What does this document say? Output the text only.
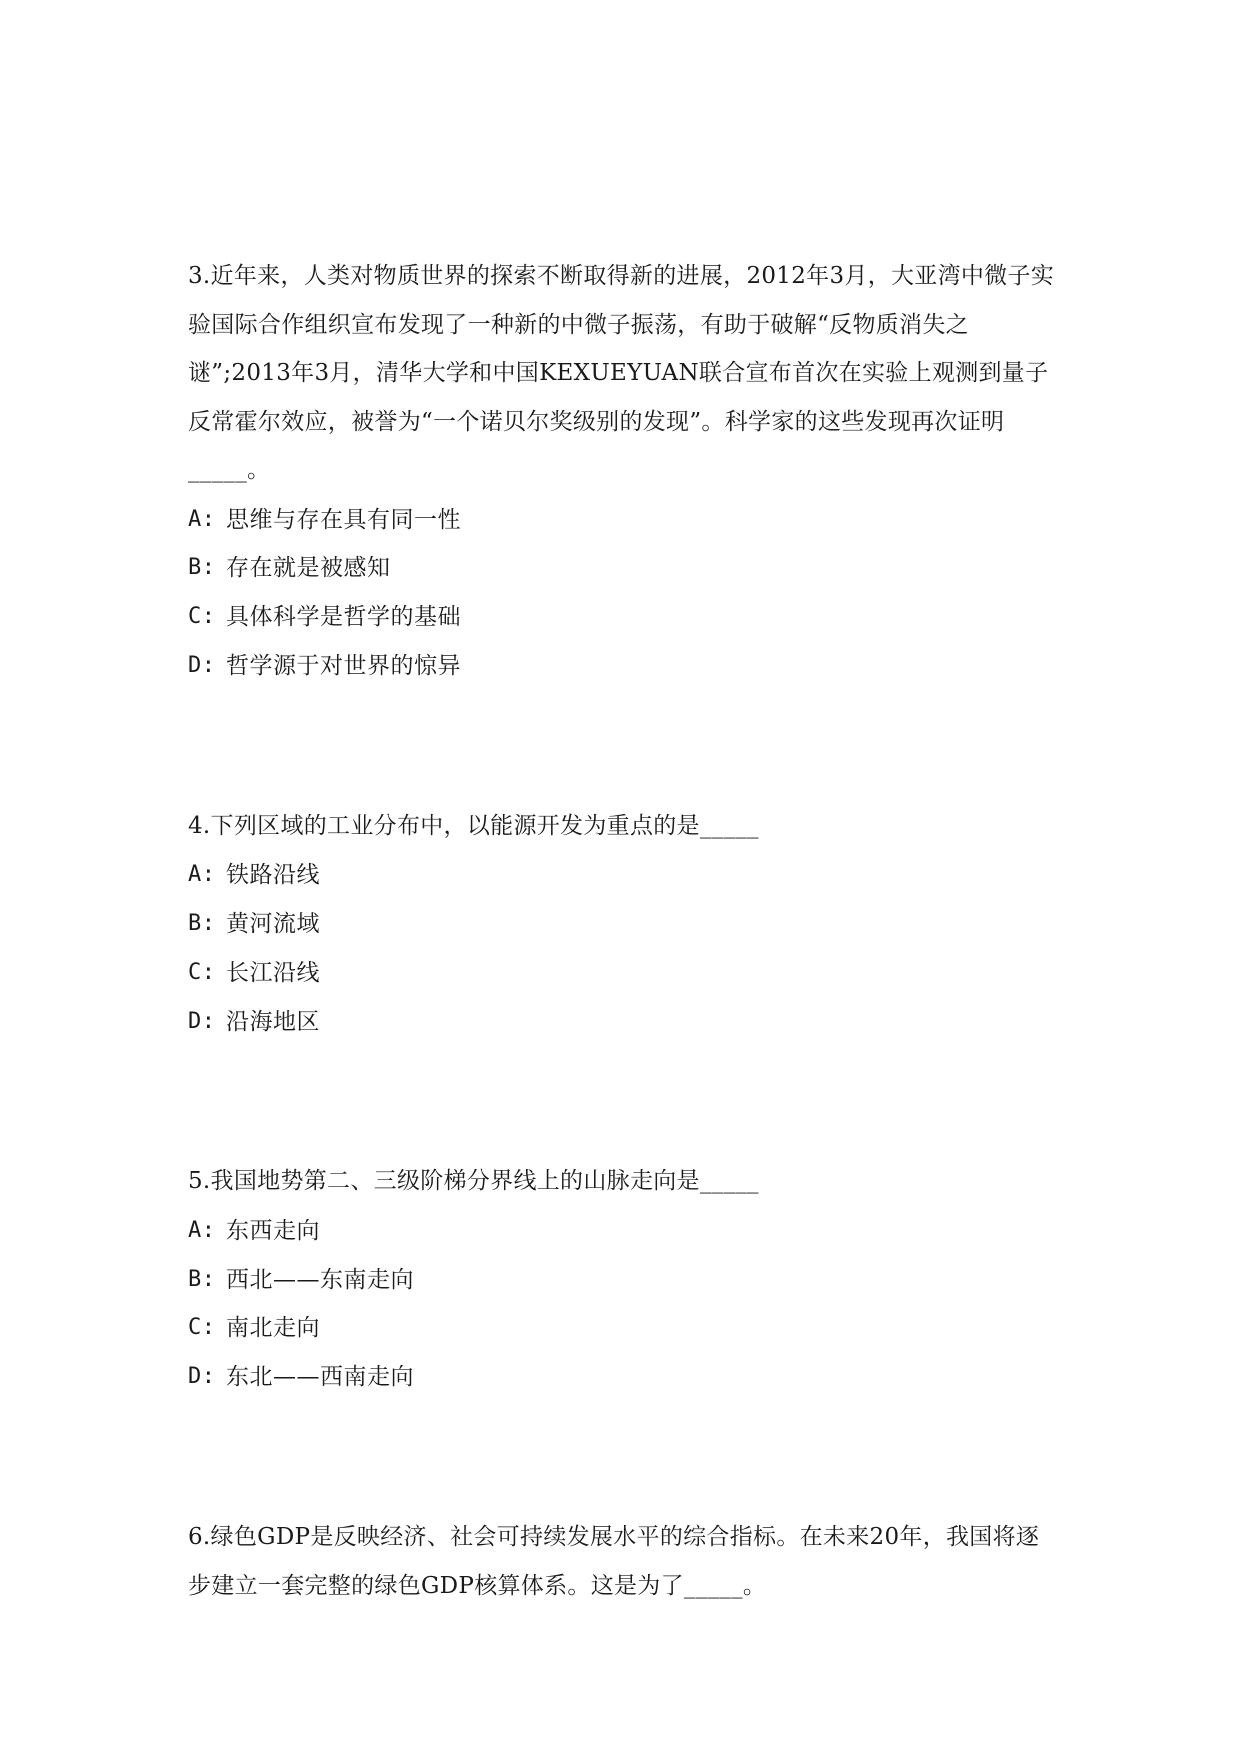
3.近年来，人类对物质世界的探索不断取得新的进展，2012年3月，大亚湾中微子实验国际合作组织宣布发现了一种新的中微子振荡，有助于破解“反物质消失之谜”;2013年3月，清华大学和中国KEXUEYUAN联合宣布首次在实验上观测到量子反常霍尔效应，被誉为“一个诺贝尔奖级别的发现”。科学家的这些发现再次证明_____。

A: 思维与存在具有同一性
B: 存在就是被感知
C: 具体科学是哲学的基础
D: 哲学源于对世界的惊异

4.下列区域的工业分布中，以能源开发为重点的是_____

A: 铁路沿线
B: 黄河流域
C: 长江沿线
D: 沿海地区

5.我国地势第二、三级阶梯分界线上的山脉走向是_____

A: 东西走向
B: 西北——东南走向
C: 南北走向
D: 东北——西南走向

6.绿色GDP是反映经济、社会可持续发展水平的综合指标。在未来20年，我国将逐步建立一套完整的绿色GDP核算体系。这是为了_____。
